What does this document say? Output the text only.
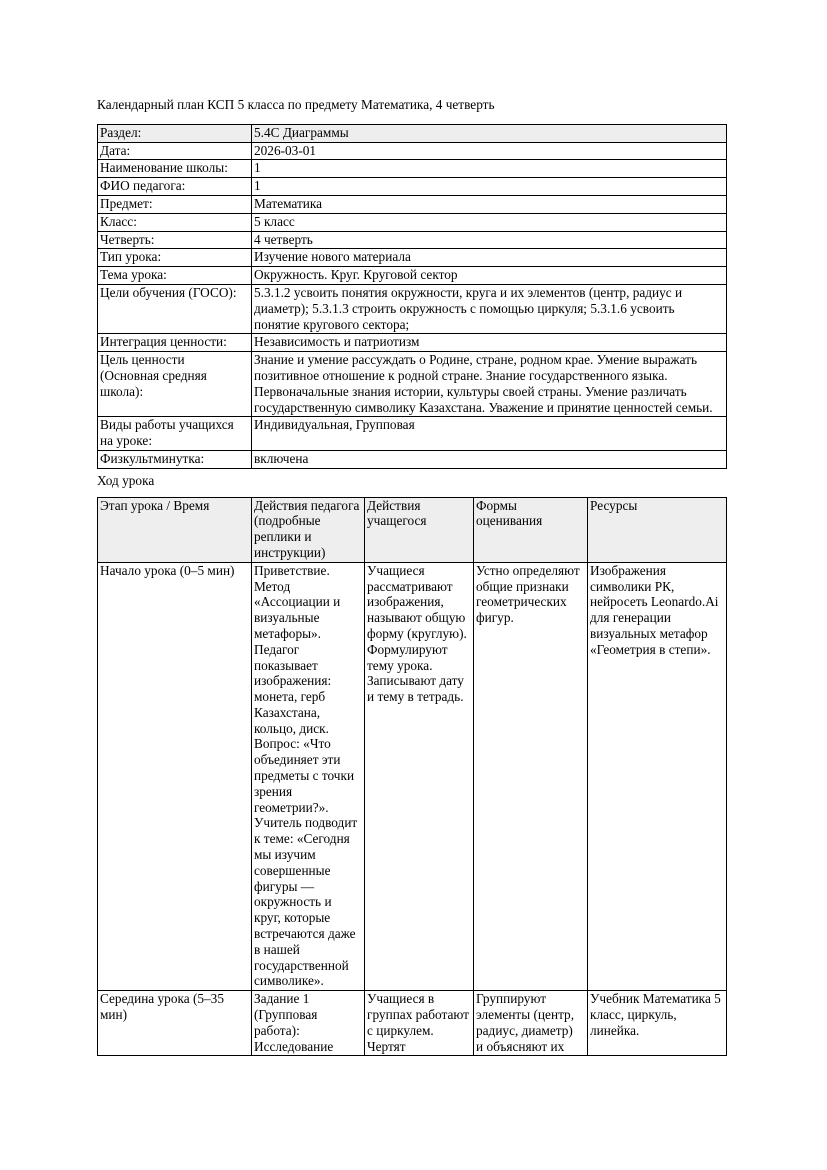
Календарный план КСП 5 класса по предмету Математика, 4 четверть

Раздел:	5.4C Диаграммы
Дата:	2026-03-01
Наименование школы:	1
ФИО педагога:	1
Предмет:	Математика
Класс:	5 класс
Четверть:	4 четверть
Тип урока:	Изучение нового материала
Тема урока:	Окружность. Круг. Круговой сектор
Цели обучения (ГОСО):	5.3.1.2 усвоить понятия окружности, круга и их элементов (центр, радиус и диаметр); 5.3.1.3 строить окружность с помощью циркуля; 5.3.1.6 усвоить понятие кругового сектора;
Интеграция ценности:	Независимость и патриотизм
Цель ценности (Основная средняя школа):	Знание и умение рассуждать о Родине, стране, родном крае. Умение выражать позитивное отношение к родной стране. Знание государственного языка. Первоначальные знания истории, культуры своей страны. Умение различать государственную символику Казахстана. Уважение и принятие ценностей семьи.
Виды работы учащихся на уроке:	Индивидуальная, Групповая
Физкультминутка:	включена

Ход урока

Этап урока / Время	Действия педагога (подробные реплики и инструкции)	Действия учащегося	Формы оценивания	Ресурсы
Начало урока (0–5 мин)	Приветствие. Метод «Ассоциации и визуальные метафоры». Педагог показывает изображения: монета, герб Казахстана, кольцо, диск. Вопрос: «Что объединяет эти предметы с точки зрения геометрии?». Учитель подводит к теме: «Сегодня мы изучим совершенные фигуры — окружность и круг, которые встречаются даже в нашей государственной символике».	Учащиеся рассматривают изображения, называют общую форму (круглую). Формулируют тему урока. Записывают дату и тему в тетрадь.	Устно определяют общие признаки геометрических фигур.	Изображения символики РК, нейросеть Leonardo.Ai для генерации визуальных метафор «Геометрия в степи».
Середина урока (5–35 мин)	Задание 1 (Групповая работа): Исследование	Учащиеся в группах работают с циркулем. Чертят	Группируют элементы (центр, радиус, диаметр) и объясняют их	Учебник Математика 5 класс, циркуль, линейка.
